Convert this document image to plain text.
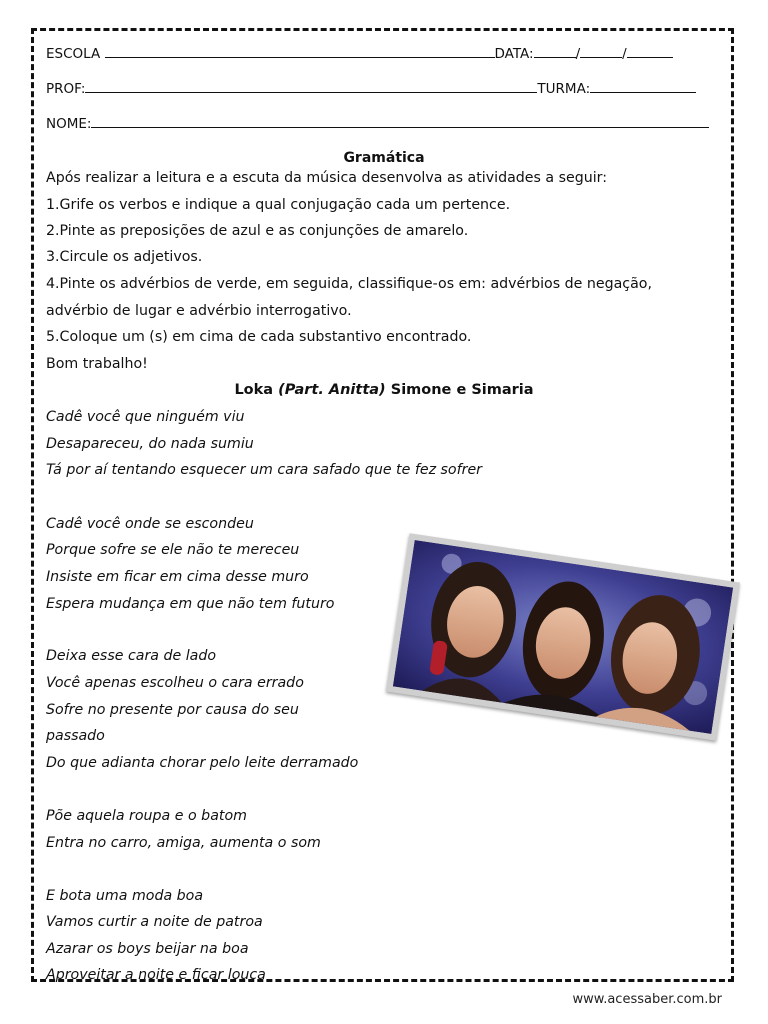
ESCOLA	DATA:	/	/
PROF:	TURMA:
NOME:
Gramática
Após realizar a leitura e a escuta da música desenvolva as atividades a seguir:
1.Grife os verbos e indique a qual conjugação cada um pertence.
2.Pinte as preposições de azul e as conjunções de amarelo.
3.Circule os adjetivos.
4.Pinte os advérbios de verde, em seguida, classifique-os em: advérbios de negação,
advérbio de lugar e advérbio interrogativo.
5.Coloque um (s) em cima de cada substantivo encontrado.
Bom trabalho!
Loka (Part. Anitta) Simone e Simaria
Cadê você que ninguém viu
Desapareceu, do nada sumiu
Tá por aí tentando esquecer um cara safado que te fez sofrer
Cadê você onde se escondeu
Porque sofre se ele não te mereceu
Insiste em ficar em cima desse muro
Espera mudança em que não tem futuro
Deixa esse cara de lado
Você apenas escolheu o cara errado
Sofre no presente por causa do seu
passado
Do que adianta chorar pelo leite derramado
Põe aquela roupa e o batom
Entra no carro, amiga, aumenta o som
E bota uma moda boa
Vamos curtir a noite de patroa
Azarar os boys beijar na boa
Aproveitar a noite e ficar louca
www.acessaber.com.br
